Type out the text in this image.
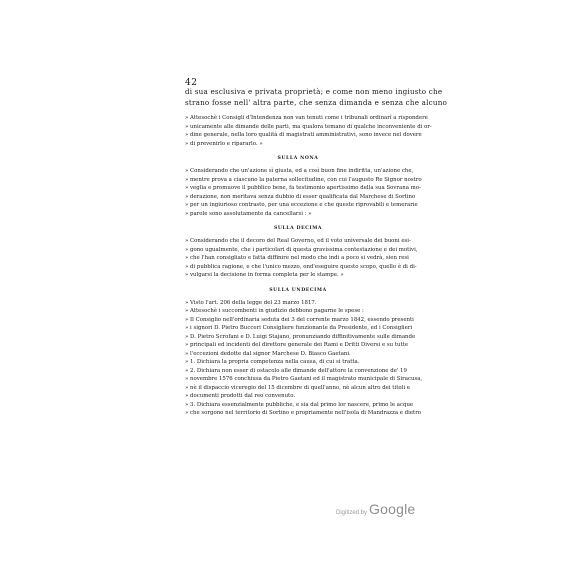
42
di sua esclusiva e privata proprietà; e come non meno ingiusto che
strano fosse nell' altra parte, che senza dimanda e senza che alcuno
» Attesochè i Consigli d'Intendenza non van tenuti come i tribunali ordinarî a rispondere
» unicamente alle dimande delle parti, ma qualora temano di qualche inconveniente di or-
» dine generale, nella loro qualità di magistrati amministrativi, sono invece nel dovere
» di prevenirlo e ripararlo. »
SULLA NONA
» Considerando che un'azione sì giusta, ed a così buon fine indiritta, un'azione che,
» mentre prova a ciascuno la paterna sollecitudine, con cui l'augusto Re Signor nostro
» veglia e promuove il pubblico bene, fa testimonio apertissimo della sua Sovrana mo-
» derazione, non meritava senza dubbio di esser qualificata dal Marchese di Sortino
» per un ingiurioso contrasto, per una eccezione e che queste riprovabili e temerarie
» parole sono assolutamente da cancellarsi : »
SULLA DECIMA
» Considerando che il decoro del Real Governo, ed il voto universale dei buoni esi-
» gono ugualmente, che i particolari di questa gravissima contestazione e dei motivi,
» che l'han consigliato e fatta diffinire nel modo che indi a poco si vedrà, sien resi
» di pubblica ragione, e che l'unico mezzo, ond'eseguire questo scopo, quello è di di-
» vulgarsi la decisione in forma completa per le stampe. »
SULLA UNDECIMA
» Visto l'art. 206 della legge del 23 marzo 1817.
» Attesochè i succombenti in giudizio debbono pagarne le spese :
» Il Consiglio nell'ordinaria seduta dei 3 del corrente marzo 1842, essendo presenti
» i signori D. Pietro Bucceri Consigliere funzionante da Presidente, ed i Consiglieri
» D. Pietro Scrofani e D. Luigi Stajano, pronunziando diffinitivamente sulle dimande
» principali ed incidenti del direttore generale dei Rami e Dritti Diversi e su tutte
» l'eccezioni dedotte dal signor Marchese D. Biasco Gaetani.
» 1. Dichiara la propria competenza nella causa, di cui si tratta.
» 2. Dichiara non esser di ostacolo alle dimande dell'attore la convenzione de' 19
» novembre 1576 conchiusa da Pietro Gaetani ed il magistrato municipale di Siracusa,
» nè il dispaccio viceregio del 15 dicembre di quell'anno, nè alcun altro dei titoli e
» documenti prodotti dal reo convenuto.
» 3. Dichiara essenzialmente pubbliche, e sia dal primo lor nascere, primo le acque
» che sorgono nel territorio di Sortino e propriamente nell'isola di Mandrazza e dietro
Digitized by Google
